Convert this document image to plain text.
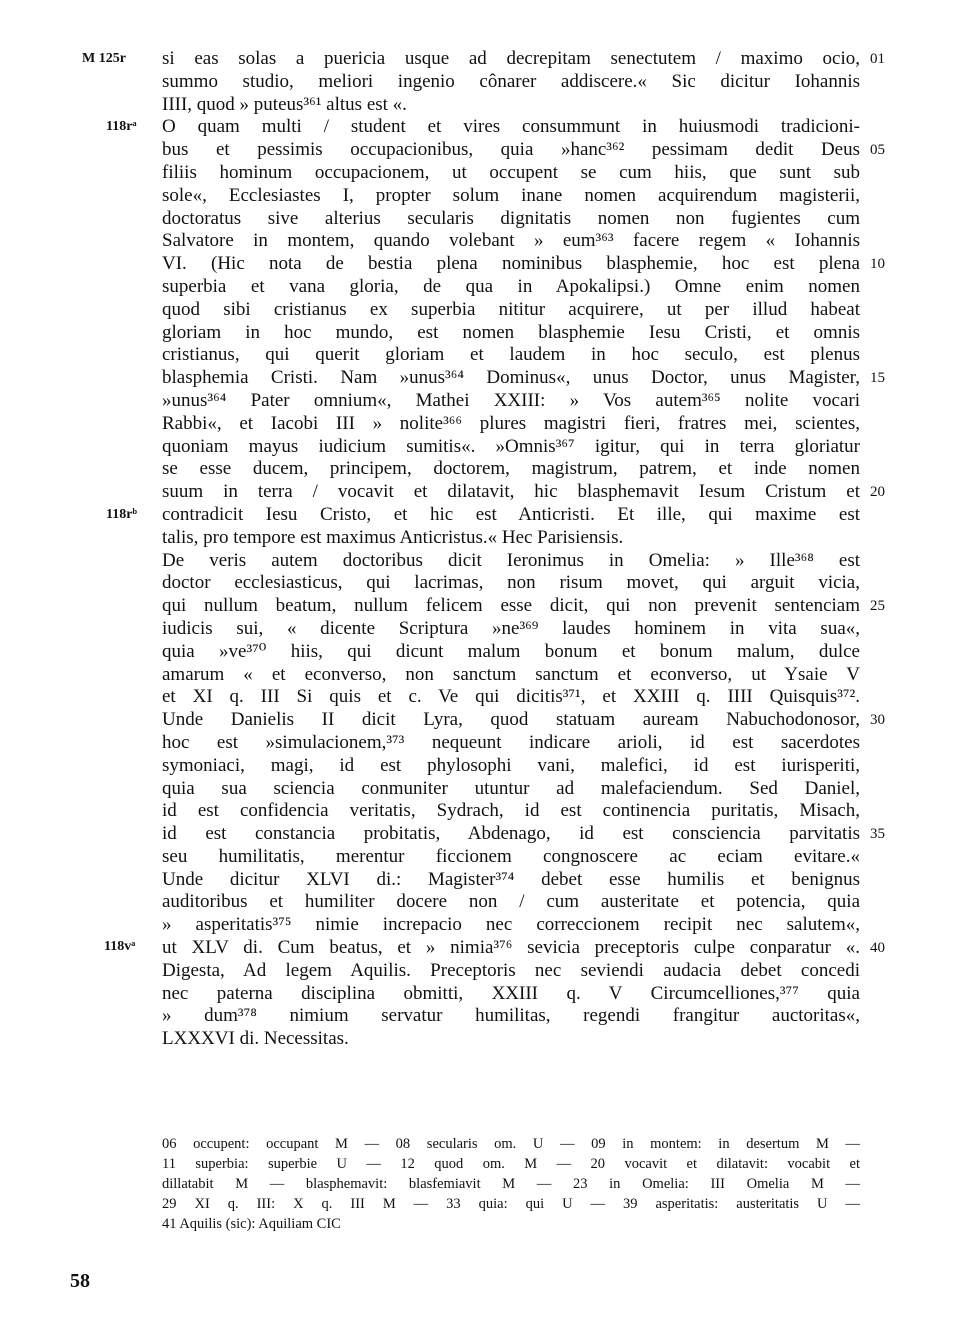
M 125r
118rᵃ
118rᵇ
118vᵃ
si eas solas a puericia usque ad decrepitam senectutem / maximo ocio, 01
summo studio, meliori ingenio cônarer addiscere.« Sic dicitur Iohannis
IIII, quod » puteus³⁶¹ altus est «.
O quam multi / student et vires consummunt in huiusmodi tradicioni-
bus et pessimis occupacionibus, quia »hanc³⁶² pessimam dedit Deus 05
filiis hominum occupacionem, ut occupent se cum hiis, que sunt sub
sole«, Ecclesiastes I, propter solum inane nomen acquirendum magisterii,
doctoratus sive alterius secularis dignitatis nomen non fugientes cum
Salvatore in montem, quando volebant » eum³⁶³ facere regem « Iohannis
VI. (Hic nota de bestia plena nominibus blasphemie, hoc est plena 10
superbia et vana gloria, de qua in Apokalipsi.) Omne enim nomen
quod sibi cristianus ex superbia nititur acquirere, ut per illud habeat
gloriam in hoc mundo, est nomen blasphemie Iesu Cristi, et omnis
cristianus, qui querit gloriam et laudem in hoc seculo, est plenus
blasphemia Cristi. Nam »unus³⁶⁴ Dominus«, unus Doctor, unus Magister, 15
»unus³⁶⁴ Pater omnium«, Mathei XXIII: » Vos autem³⁶⁵ nolite vocari
Rabbi«, et Iacobi III » nolite³⁶⁶ plures magistri fieri, fratres mei, scientes,
quoniam mayus iudicium sumitis«. »Omnis³⁶⁷ igitur, qui in terra gloriatur
se esse ducem, principem, doctorem, magistrum, patrem, et inde nomen
suum in terra / vocavit et dilatavit, hic blasphemavit Iesum Cristum et 20
contradicit Iesu Cristo, et hic est Anticristi. Et ille, qui maxime est
talis, pro tempore est maximus Anticristus.« Hec Parisiensis.
De veris autem doctoribus dicit Ieronimus in Omelia: » Ille³⁶⁸ est
doctor ecclesiasticus, qui lacrimas, non risum movet, qui arguit vicia,
qui nullum beatum, nullum felicem esse dicit, qui non prevenit sentenciam 25
iudicis sui, « dicente Scriptura »ne³⁶⁹ laudes hominem in vita sua«,
quia »ve³⁷⁰ hiis, qui dicunt malum bonum et bonum malum, dulce
amarum « et econverso, non sanctum sanctum et econverso, ut Ysaie V
et XI q. III Si quis et c. Ve qui dicitis³⁷¹, et XXIII q. IIII Quisquis³⁷².
Unde Danielis II dicit Lyra, quod statuam auream Nabuchodonosor, 30
hoc est »simulacionem,³⁷³ nequeunt indicare arioli, id est sacerdotes
symoniaci, magi, id est phylosophi vani, malefici, id est iurisperiti,
quia sua sciencia conmuniter utuntur ad malefaciendum. Sed Daniel,
id est confidencia veritatis, Sydrach, id est continencia puritatis, Misach,
id est constancia probitatis, Abdenago, id est consciencia parvitatis 35
seu humilitatis, merentur ficcionem congnoscere ac eciam evitare.«
Unde dicitur XLVI di.: Magister³⁷⁴ debet esse humilis et benignus
auditoribus et humiliter docere non / cum austeritate et potencia, quia
» asperitatis³⁷⁵ nimie increpacio nec correccionem recipit nec salutem«,
ut XLV di. Cum beatus, et » nimia³⁷⁶ sevicia preceptoris culpe conparatur «. 40
Digesta, Ad legem Aquilis. Preceptoris nec seviendi audacia debet concedi
nec paterna disciplina obmitti, XXIII q. V Circumcelliones,³⁷⁷ quia
» dum³⁷⁸ nimium servatur humilitas, regendi frangitur auctoritas«,
LXXXVI di. Necessitas.
06 occupent: occupant M — 08 secularis om. U — 09 in montem: in desertum M —
11 superbia: superbie U — 12 quod om. M — 20 vocavit et dilatavit: vocabit et
dillatabit M — blasphemavit: blasfemiavit M — 23 in Omelia: III Omelia M —
29 XI q. III: X q. III M — 33 quia: qui U — 39 asperitatis: austeritatis U —
41 Aquilis (sic): Aquiliam CIC
58
